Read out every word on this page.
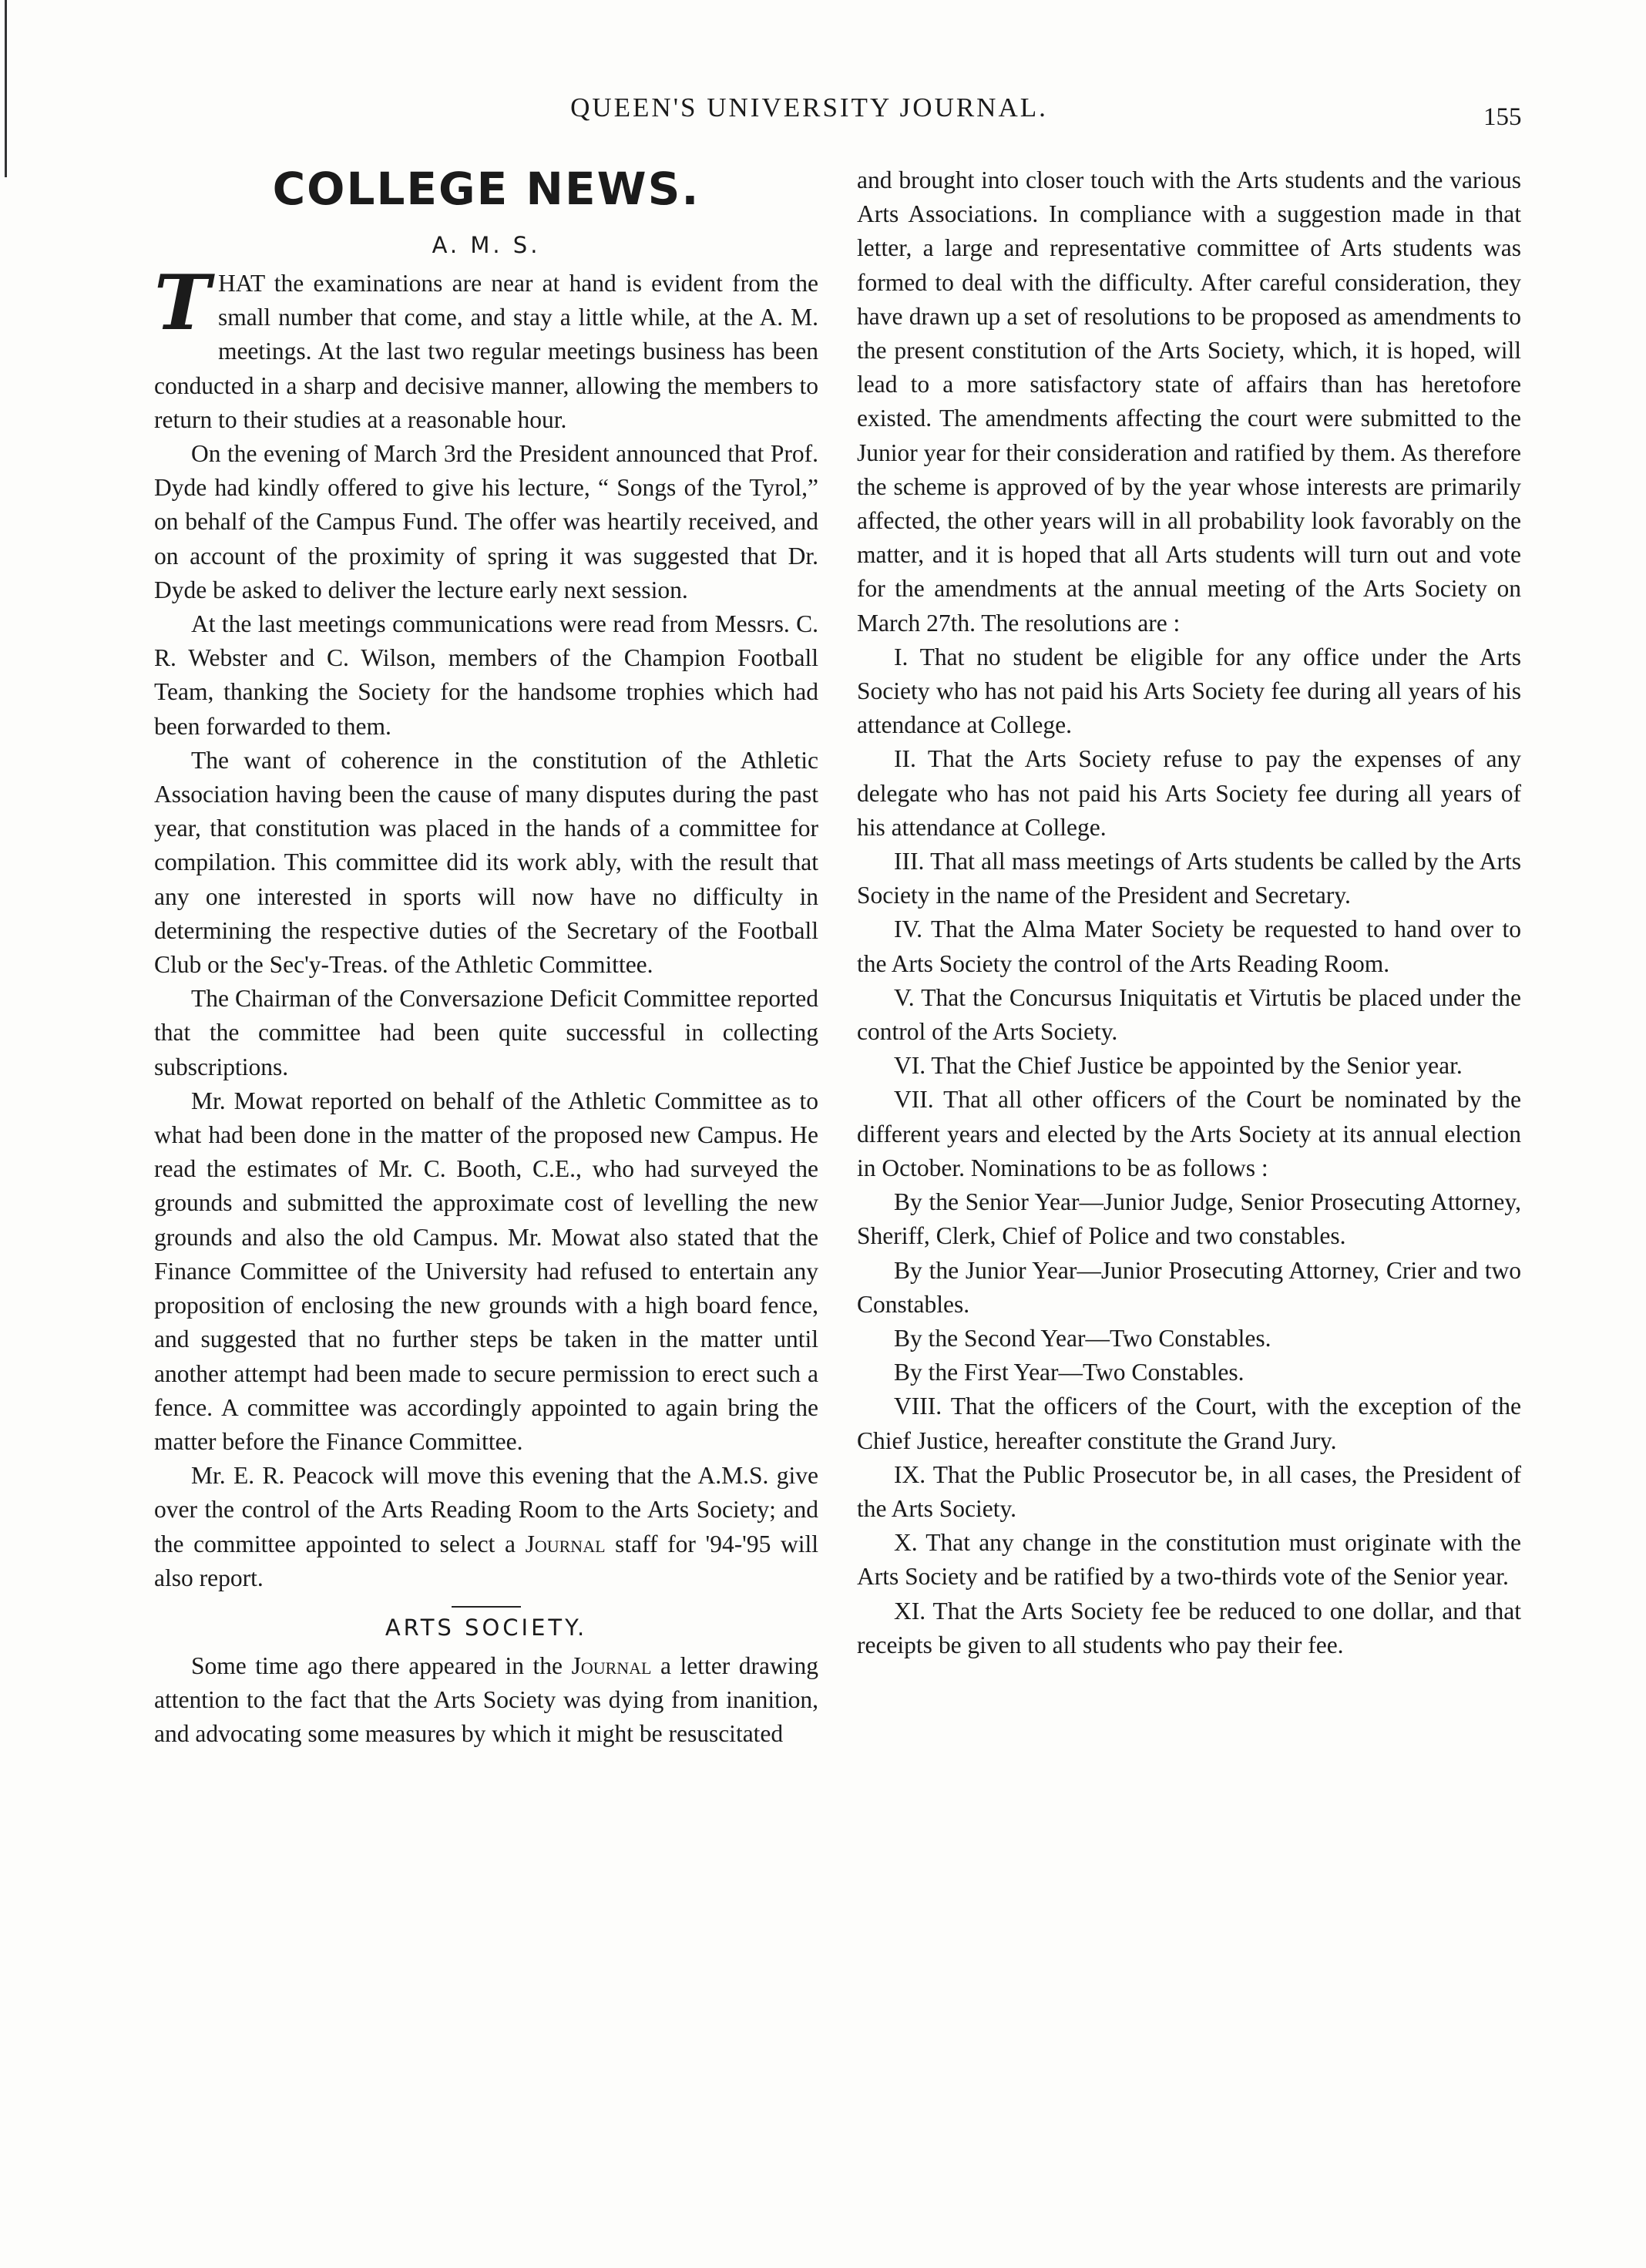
QUEEN'S UNIVERSITY JOURNAL.	155
COLLEGE NEWS.
A. M. S.

THAT the examinations are near at hand is evident from the small number that come, and stay a little while, at the A. M. meetings. At the last two regular meetings business has been conducted in a sharp and decisive manner, allowing the members to return to their studies at a reasonable hour.

On the evening of March 3rd the President announced that Prof. Dyde had kindly offered to give his lecture, “ Songs of the Tyrol,” on behalf of the Campus Fund. The offer was heartily received, and on account of the proximity of spring it was suggested that Dr. Dyde be asked to deliver the lecture early next session.

At the last meetings communications were read from Messrs. C. R. Webster and C. Wilson, members of the Champion Football Team, thanking the Society for the handsome trophies which had been forwarded to them.

The want of coherence in the constitution of the Athletic Association having been the cause of many disputes during the past year, that constitution was placed in the hands of a committee for compilation. This committee did its work ably, with the result that any one interested in sports will now have no difficulty in determining the respective duties of the Secretary of the Football Club or the Sec'y-Treas. of the Athletic Committee.

The Chairman of the Conversazione Deficit Committee reported that the committee had been quite successful in collecting subscriptions.

Mr. Mowat reported on behalf of the Athletic Committee as to what had been done in the matter of the proposed new Campus. He read the estimates of Mr. C. Booth, C.E., who had surveyed the grounds and submitted the approximate cost of levelling the new grounds and also the old Campus. Mr. Mowat also stated that the Finance Committee of the University had refused to entertain any proposition of enclosing the new grounds with a high board fence, and suggested that no further steps be taken in the matter until another attempt had been made to secure permission to erect such a fence. A committee was accordingly appointed to again bring the matter before the Finance Committee.

Mr. E. R. Peacock will move this evening that the A.M.S. give over the control of the Arts Reading Room to the Arts Society; and the committee appointed to select a Journal staff for '94-'95 will also report.

ARTS SOCIETY.

Some time ago there appeared in the Journal a letter drawing attention to the fact that the Arts Society was dying from inanition, and advocating some measures by which it might be resuscitated

and brought into closer touch with the Arts students and the various Arts Associations. In compliance with a suggestion made in that letter, a large and representative committee of Arts students was formed to deal with the difficulty. After careful consideration, they have drawn up a set of resolutions to be proposed as amendments to the present constitution of the Arts Society, which, it is hoped, will lead to a more satisfactory state of affairs than has heretofore existed. The amendments affecting the court were submitted to the Junior year for their consideration and ratified by them. As therefore the scheme is approved of by the year whose interests are primarily affected, the other years will in all probability look favorably on the matter, and it is hoped that all Arts students will turn out and vote for the amendments at the annual meeting of the Arts Society on March 27th. The resolutions are :

I. That no student be eligible for any office under the Arts Society who has not paid his Arts Society fee during all years of his attendance at College.

II. That the Arts Society refuse to pay the expenses of any delegate who has not paid his Arts Society fee during all years of his attendance at College.

III. That all mass meetings of Arts students be called by the Arts Society in the name of the President and Secretary.

IV. That the Alma Mater Society be requested to hand over to the Arts Society the control of the Arts Reading Room.

V. That the Concursus Iniquitatis et Virtutis be placed under the control of the Arts Society.

VI. That the Chief Justice be appointed by the Senior year.

VII. That all other officers of the Court be nominated by the different years and elected by the Arts Society at its annual election in October. Nominations to be as follows :

By the Senior Year—Junior Judge, Senior Prosecuting Attorney, Sheriff, Clerk, Chief of Police and two constables.

By the Junior Year—Junior Prosecuting Attorney, Crier and two Constables.

By the Second Year—Two Constables.

By the First Year—Two Constables.

VIII. That the officers of the Court, with the exception of the Chief Justice, hereafter constitute the Grand Jury.

IX. That the Public Prosecutor be, in all cases, the President of the Arts Society.

X. That any change in the constitution must originate with the Arts Society and be ratified by a two-thirds vote of the Senior year.

XI. That the Arts Society fee be reduced to one dollar, and that receipts be given to all students who pay their fee.
